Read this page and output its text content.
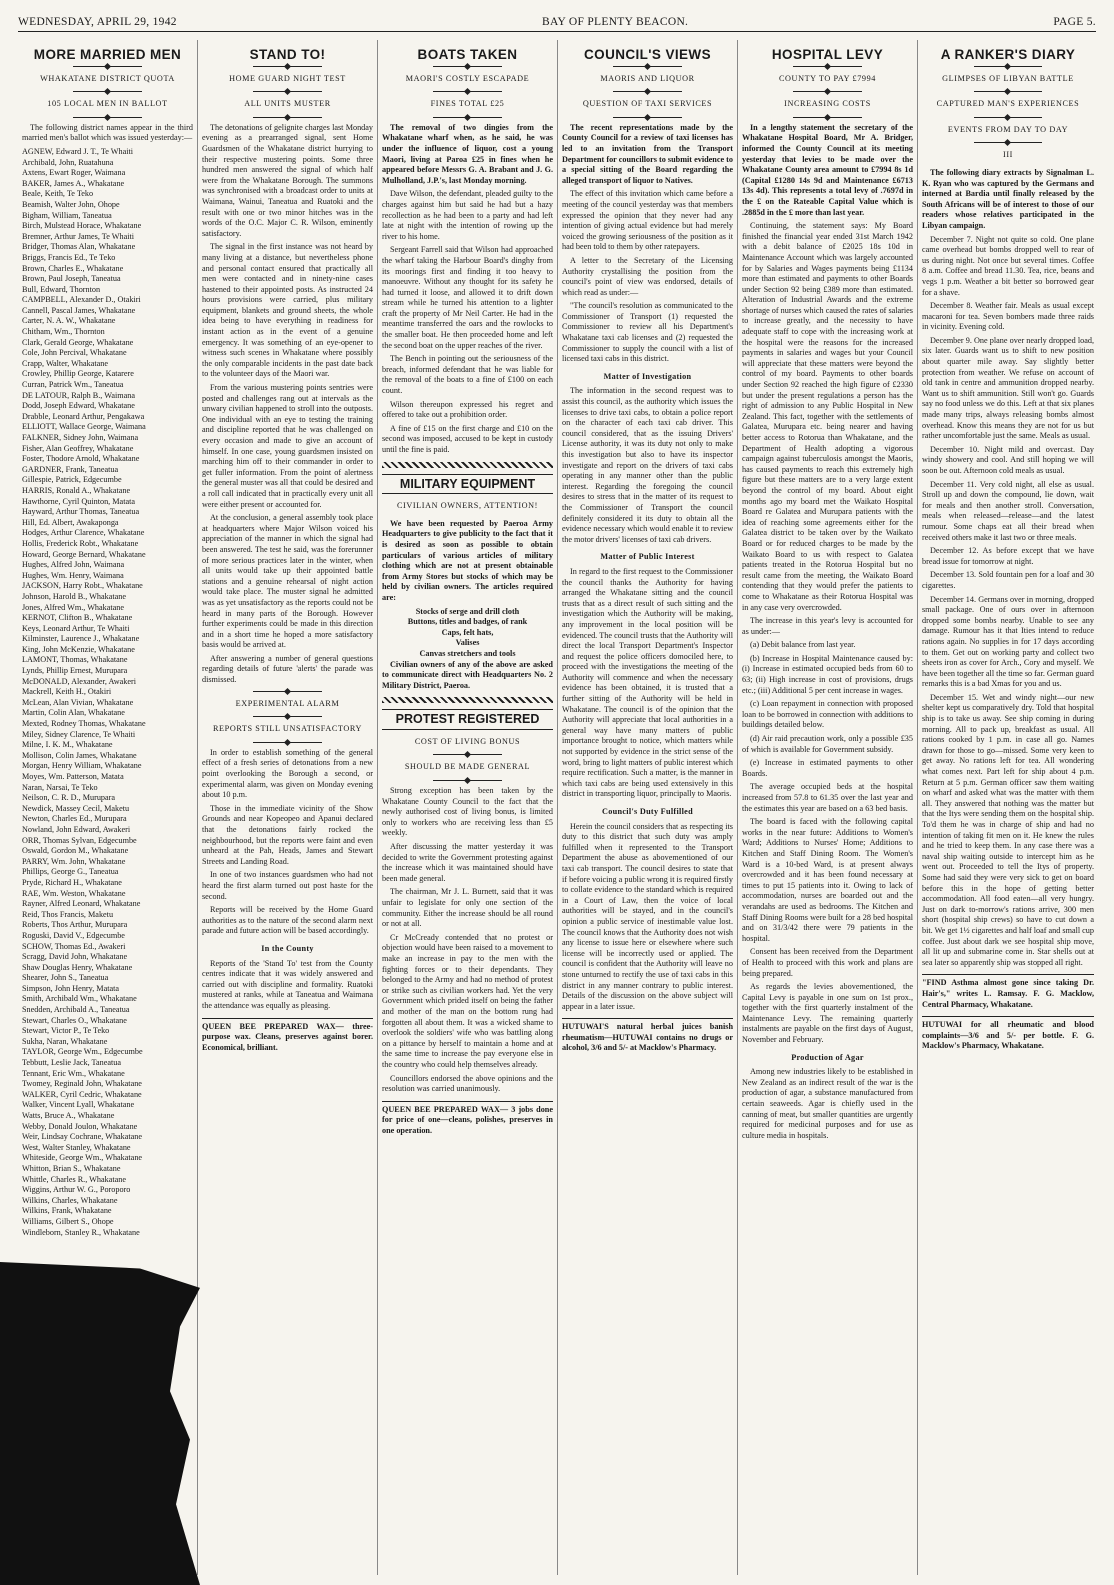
WEDNESDAY, APRIL 29, 1942	BAY OF PLENTY BEACON.	PAGE 5.
MORE MARRIED MEN
WHAKATANE DISTRICT QUOTA
105 LOCAL MEN IN BALLOT

The following district names appear in the third married men's ballot which was issued yesterday:—

AGNEW, Edward J. T., Te Whaiti

Archibald, John, Ruatahuna

Axtens, Ewart Roger, Waimana

BAKER, James A., Whakatane

Beale, Keith, Te Teko

Beamish, Walter John, Ohope

Bigham, William, Taneatua

Birch, Mulstead Horace, Whakatane

Bremner, Arthur James, Te Whaiti

Bridger, Thomas Alan, Whakatane

Briggs, Francis Ed., Te Teko

Brown, Charles E., Whakatane

Brown, Paul Joseph, Taneatua

Bull, Edward, Thornton

CAMPBELL, Alexander D., Otakiri

Cannell, Pascal James, Whakatane

Carter, N. A. W., Whakatane

Chitham, Wm., Thornton

Clark, Gerald George, Whakatane

Cole, John Percival, Whakatane

Crapp, Walter, Whakatane

Crowley, Phillip George, Katarere

Curran, Patrick Wm., Taneatua

DE LATOUR, Ralph B., Waimana

Dodd, Joseph Edward, Whakatane

Drabble, Leonard Arthur, Pengakawa

ELLIOTT, Wallace George, Waimana

FALKNER, Sidney John, Waimana

Fisher, Alan Geoffrey, Whakatane

Foster, Thodore Arnold, Whakatane

GARDNER, Frank, Taneatua

Gillespie, Patrick, Edgecumbe

HARRIS, Ronald A., Whakatane

Hawthorne, Cyril Quinton, Matata

Hayward, Arthur Thomas, Taneatua

Hill, Ed. Albert, Awakaponga

Hodges, Arthur Clarence, Whakatane

Hollis, Frederick Robt., Whakatane

Howard, George Bernard, Whakatane

Hughes, Alfred John, Waimana

Hughes, Wm. Henry, Waimana

JACKSON, Harry Robt., Whakatane

Johnson, Harold B., Whakatane

Jones, Alfred Wm., Whakatane

KERNOT, Clifton B., Whakatane

Keys, Leonard Arthur, Te Whaiti

Kilminster, Laurence J., Whakatane

King, John McKenzie, Whakatane

LAMONT, Thomas, Whakatane

Lynds, Phillip Ernest, Murupara

McDONALD, Alexander, Awakeri

Mackrell, Keith H., Otakiri

McLean, Alan Vivian, Whakatane

Martin, Colin Alan, Whakatane

Mexted, Rodney Thomas, Whakatane

Miley, Sidney Clarence, Te Whaiti

Milne, I. K. M., Whakatane

Mollison, Colin James, Whakatane

Morgan, Henry William, Whakatane

Moyes, Wm. Patterson, Matata

Naran, Narsai, Te Teko

Neilson, C. R. D., Murupara

Newdick, Massey Cecil, Maketu

Newton, Charles Ed., Murupara

Nowland, John Edward, Awakeri

ORR, Thomas Sylvan, Edgecumbe

Oswald, Gordon M., Whakatane

PARRY, Wm. John, Whakatane

Phillips, George G., Taneatua

Pryde, Richard H., Whakatane

RAE, Wm. Weston, Whakatane

Rayner, Alfred Leonard, Whakatane

Reid, Thos Francis, Maketu

Roberts, Thos Arthur, Murupara

Roguski, David V., Edgecumbe

SCHOW, Thomas Ed., Awakeri

Scragg, David John, Whakatane

Shaw Douglas Henry, Whakatane

Shearer, John S., Taneatua

Simpson, John Henry, Matata

Smith, Archibald Wm., Whakatane

Snedden, Archibald A., Taneatua

Stewart, Charles O., Whakatane

Stewart, Victor P., Te Teko

Sukha, Naran, Whakatane

TAYLOR, George Wm., Edgecumbe

Tebbutt, Leslie Jack, Taneatua

Tennant, Eric Wm., Whakatane

Twomey, Reginald John, Whakatane

WALKER, Cyril Cedric, Whakatane

Walker, Vincent Lyall, Whakatane

Watts, Bruce A., Whakatane

Webby, Donald Joulon, Whakatane

Weir, Lindsay Cochrane, Whakatane

West, Walter Stanley, Whakatane

Whiteside, George Wm., Whakatane

Whitton, Brian S., Whakatane

Whittle, Charles R., Whakatane

Wiggins, Arthur W. G., Poroporo

Wilkins, Charles, Whakatane

Wilkins, Frank, Whakatane

Williams, Gilbert S., Ohope

Windleborn, Stanley R., Whakatane

STAND TO!
HOME GUARD NIGHT TEST
ALL UNITS MUSTER

The detonations of gelignite charges last Monday evening as a prearranged signal, sent Home Guardsmen of the Whakatane district hurrying to their respective mustering points. Some three hundred men answered the signal of which half were from the Whakatane Borough. The summons was synchronised with a broadcast order to units at Waimana, Wainui, Taneatua and Ruatoki and the result with one or two minor hitches was in the words of the O.C. Major C. R. Wilson, eminently satisfactory.

The signal in the first instance was not heard by many living at a distance, but nevertheless phone and personal contact ensured that practically all men were contacted and in ninety-nine cases hastened to their appointed posts. As instructed 24 hours provisions were carried, plus military equipment, blankets and ground sheets, the whole idea being to have everything in readiness for instant action as in the event of a genuine emergency. It was something of an eye-opener to witness such scenes in Whakatane where possibly the only comparable incidents in the past date back to the volunteer days of the Maori war.

From the various mustering points sentries were posted and challenges rang out at intervals as the unwary civilian happened to stroll into the outposts. One individual with an eye to testing the training and discipline reported that he was challenged on every occasion and made to give an account of himself. In one case, young guardsmen insisted on marching him off to their commander in order to get fuller information. From the point of alertness the general muster was all that could be desired and a roll call indicated that in practically every unit all were either present or accounted for.

At the conclusion, a general assembly took place at headquarters where Major Wilson voiced his appreciation of the manner in which the signal had been answered. The test he said, was the forerunner of more serious practices later in the winter, when all units would take up their appointed battle stations and a genuine rehearsal of night action would take place. The muster signal he admitted was as yet unsatisfactory as the reports could not be heard in many parts of the Borough. However further experiments could be made in this direction and in a short time he hoped a more satisfactory basis would be arrived at.

After answering a number of general questions regarding details of future 'alerts' the parade was dismissed.

EXPERIMENTAL ALARM
REPORTS STILL UNSATISFACTORY

In order to establish something of the general effect of a fresh series of detonations from a new point overlooking the Borough a second, or experimental alarm, was given on Monday evening about 10 p.m.

Those in the immediate vicinity of the Show Grounds and near Kopeopeo and Apanui declared that the detonations fairly rocked the neighbourhood, but the reports were faint and even unheard at the Pah, Heads, James and Stewart Streets and Landing Road.

In one of two instances guardsmen who had not heard the first alarm turned out post haste for the second.

Reports will be received by the Home Guard authorities as to the nature of the second alarm next parade and future action will be based accordingly.

In the County

Reports of the 'Stand To' test from the County centres indicate that it was widely answered and carried out with discipline and formality. Ruatoki mustered at ranks, while at Taneatua and Waimana the attendance was equally as pleasing.

QUEEN BEE PREPARED WAX— three-purpose wax. Cleans, preserves against borer. Economical, brilliant.

BOATS TAKEN
MAORI'S COSTLY ESCAPADE
FINES TOTAL £25

The removal of two dingies from the Whakatane wharf when, as he said, he was under the influence of liquor, cost a young Maori, living at Paroa £25 in fines when he appeared before Messrs G. A. Brabant and J. G. Mulholland, J.P.'s, last Monday morning.

Dave Wilson, the defendant, pleaded guilty to the charges against him but said he had but a hazy recollection as he had been to a party and had left late at night with the intention of rowing up the river to his home.

Sergeant Farrell said that Wilson had approached the wharf taking the Harbour Board's dinghy from its moorings first and finding it too heavy to manoeuvre. Without any thought for its safety he had turned it loose, and allowed it to drift down stream while he turned his attention to a lighter craft the property of Mr Neil Carter. He had in the meantime transferred the oars and the rowlocks to the smaller boat. He then proceeded home and left the second boat on the upper reaches of the river.

The Bench in pointing out the seriousness of the breach, informed defendant that he was liable for the removal of the boats to a fine of £100 on each count.

Wilson thereupon expressed his regret and offered to take out a prohibition order.

A fine of £15 on the first charge and £10 on the second was imposed, accused to be kept in custody until the fine is paid.

MILITARY EQUIPMENT
CIVILIAN OWNERS, ATTENTION!

We have been requested by Paeroa Army Headquarters to give publicity to the fact that it is desired as soon as possible to obtain particulars of various articles of military clothing which are not at present obtainable from Army Stores but stocks of which may be held by civilian owners. The articles required are:

Stocks of serge and drill cloth

Buttons, titles and badges, of rank

Caps, felt hats,

Valises

Canvas stretchers and tools

Civilian owners of any of the above are asked to communicate direct with Headquarters No. 2 Military District, Paeroa.

PROTEST REGISTERED
COST OF LIVING BONUS
SHOULD BE MADE GENERAL

Strong exception has been taken by the Whakatane County Council to the fact that the newly authorised cost of living bonus, is limited only to workers who are receiving less than £5 weekly.

After discussing the matter yesterday it was decided to write the Government protesting against the increase which it was maintained should have been made general.

The chairman, Mr J. L. Burnett, said that it was unfair to legislate for only one section of the community. Either the increase should be all round or not at all.

Cr McCready contended that no protest or objection would have been raised to a movement to make an increase in pay to the men with the fighting forces or to their dependants. They belonged to the Army and had no method of protest or strike such as civilian workers had. Yet the very Government which prided itself on being the father and mother of the man on the bottom rung had forgotten all about them. It was a wicked shame to overlook the soldiers' wife who was battling along on a pittance by herself to maintain a home and at the same time to increase the pay everyone else in the country who could help themselves already.

Councillors endorsed the above opinions and the resolution was carried unanimously.

QUEEN BEE PREPARED WAX— 3 jobs done for price of one—cleans, polishes, preserves in one operation.

COUNCIL'S VIEWS
MAORIS AND LIQUOR
QUESTION OF TAXI SERVICES

The recent representations made by the County Council for a review of taxi licenses has led to an invitation from the Transport Department for councillors to submit evidence to a special sitting of the Board regarding the alleged transport of liquor to Natives.

The effect of this invitation which came before a meeting of the council yesterday was that members expressed the opinion that they never had any intention of giving actual evidence but had merely voiced the growing seriousness of the position as it had been told to them by other ratepayers.

A letter to the Secretary of the Licensing Authority crystallising the position from the council's point of view was endorsed, details of which read as under:—

"The council's resolution as communicated to the Commissioner of Transport (1) requested the Commissioner to review all his Department's Whakatane taxi cab licenses and (2) requested the Commissioner to supply the council with a list of licensed taxi cabs in this district.

Matter of Investigation

The information in the second request was to assist this council, as the authority which issues the licenses to drive taxi cabs, to obtain a police report on the character of each taxi cab driver. This council considered, that as the issuing Drivers' License authority, it was its duty not only to make this investigation but also to have its inspector investigate and report on the drivers of taxi cabs operating in any manner other than the public interest. Regarding the foregoing the council desires to stress that in the matter of its request to the Commissioner of Transport the council definitely considered it its duty to obtain all the evidence necessary which would enable it to review the motor drivers' licenses of taxi cab drivers.

Matter of Public Interest

In regard to the first request to the Commissioner the council thanks the Authority for having arranged the Whakatane sitting and the council trusts that as a direct result of such sitting and the investigation which the Authority will be making, any improvement in the local position will be evidenced. The council trusts that the Authority will direct the local Transport Department's Inspector and request the police officers domociled here, to proceed with the investigations the meeting of the Authority will commence and when the necessary evidence has been obtained, it is trusted that a further sitting of the Authority will be held in Whakatane. The council is of the opinion that the Authority will appreciate that local authorities in a general way have many matters of public importance brought to notice, which matters while not supported by evidence in the strict sense of the word, bring to light matters of public interest which require rectification. Such a matter, is the manner in which taxi cabs are being used extensively in this district in transporting liquor, principally to Maoris.

Council's Duty Fulfilled

Herein the council considers that as respecting its duty to this district that such duty was amply fulfilled when it represented to the Transport Department the abuse as abovementioned of our taxi cab transport. The council desires to state that if before voicing a public wrong it is required firstly to collate evidence to the standard which is required in a Court of Law, then the voice of local authorities will be stayed, and in the council's opinion a public service of inestimable value lost. The council knows that the Authority does not wish any license to issue here or elsewhere where such license will be incorrectly used or applied. The council is confident that the Authority will leave no stone unturned to rectify the use of taxi cabs in this district in any manner contrary to public interest. Details of the discussion on the above subject will appear in a later issue.

HUTUWAI'S natural herbal juices banish rheumatism—HUTUWAI contains no drugs or alcohol, 3/6 and 5/- at Macklow's Pharmacy.

HOSPITAL LEVY
COUNTY TO PAY £7994
INCREASING COSTS

In a lengthy statement the secretary of the Whakatane Hospital Board, Mr A. Bridger, informed the County Council at its meeting yesterday that levies to be made over the Whakatane County area amount to £7994 8s 1d (Capital £1280 14s 9d and Maintenance £6713 13s 4d). This represents a total levy of .7697d in the £ on the Rateable Capital Value which is .2885d in the £ more than last year.

Continuing, the statement says: My Board finished the financial year ended 31st March 1942 with a debit balance of £2025 18s 10d in Maintenance Account which was largely accounted for by Salaries and Wages payments being £1134 more than estimated and payments to other Boards under Section 92 being £389 more than estimated. Alteration of Industrial Awards and the extreme shortage of nurses which caused the rates of salaries to increase greatly, and the necessity to have adequate staff to cope with the increasing work at the hospital were the reasons for the increased payments in salaries and wages but your Council will appreciate that these matters were beyond the control of my board. Payments to other boards under Section 92 reached the high figure of £2330 but under the present regulations a person has the right of admission to any Public Hospital in New Zealand. This fact, together with the settlements of Galatea, Murupara etc. being nearer and having better access to Rotorua than Whakatane, and the Department of Health adopting a vigorous campaign against tuberculosis amongst the Maoris, has caused payments to reach this extremely high figure but these matters are to a very large extent beyond the control of my board. About eight months ago my board met the Waikato Hospital Board re Galatea and Murupara patients with the idea of reaching some agreements either for the Galatea district to be taken over by the Waikato Board or for reduced charges to be made by the Waikato Board to us with respect to Galatea patients treated in the Rotorua Hospital but no result came from the meeting, the Waikato Board contending that they would prefer the patients to come to Whakatane as their Rotorua Hospital was in any case very overcrowded.

The increase in this year's levy is accounted for as under:—

(a) Debit balance from last year.

(b) Increase in Hospital Maintenance caused by: (i) Increase in estimated occupied beds from 60 to 63; (ii) High increase in cost of provisions, drugs etc.; (iii) Additional 5 per cent increase in wages.

(c) Loan repayment in connection with proposed loan to be borrowed in connection with additions to buildings detailed below.

(d) Air raid precaution work, only a possible £35 of which is available for Government subsidy.

(e) Increase in estimated payments to other Boards.

The average occupied beds at the hospital increased from 57.8 to 61.35 over the last year and the estimates this year are based on a 63 bed basis.

The board is faced with the following capital works in the near future: Additions to Women's Ward; Additions to Nurses' Home; Additions to Kitchen and Staff Dining Room. The Women's Ward is a 10-bed Ward, is at present always overcrowded and it has been found necessary at times to put 15 patients into it. Owing to lack of accommodation, nurses are boarded out and the verandahs are used as bedrooms. The Kitchen and Staff Dining Rooms were built for a 28 bed hospital and on 31/3/42 there were 79 patients in the hospital.

Consent has been received from the Department of Health to proceed with this work and plans are being prepared.

As regards the levies abovementioned, the Capital Levy is payable in one sum on 1st prox., together with the first quarterly instalment of the Maintenance Levy. The remaining quarterly instalments are payable on the first days of August, November and February.

Production of Agar

Among new industries likely to be established in New Zealand as an indirect result of the war is the production of agar, a substance manufactured from certain seaweeds. Agar is chiefly used in the canning of meat, but smaller quantities are urgently required for medicinal purposes and for use as culture media in hospitals.

A RANKER'S DIARY
GLIMPSES OF LIBYAN BATTLE
CAPTURED MAN'S EXPERIENCES
EVENTS FROM DAY TO DAY
III

The following diary extracts by Signalman L. K. Ryan who was captured by the Germans and interned at Bardia until finally released by the South Africans will be of interest to those of our readers whose relatives participated in the Libyan campaign.

December 7. Night not quite so cold. One plane came overhead but bombs dropped well to rear of us during night. Not once but several times. Coffee 8 a.m. Coffee and bread 11.30. Tea, rice, beans and vegs 1 p.m. Weather a bit better so borrowed gear for a shave.

December 8. Weather fair. Meals as usual except macaroni for tea. Seven bombers made three raids in vicinity. Evening cold.

December 9. One plane over nearly dropped load, six later. Guards want us to shift to new position about quarter mile away. Say slightly better protection from weather. We refuse on account of old tank in centre and ammunition dropped nearby. Want us to shift ammunition. Still won't go. Guards say no food unless we do this. Left at that six planes made many trips, always releasing bombs almost overhead. Know this means they are not for us but rather uncomfortable just the same. Meals as usual.

December 10. Night mild and overcast. Day windy showery and cool. And still hoping we will soon be out. Afternoon cold meals as usual.

December 11. Very cold night, all else as usual. Stroll up and down the compound, lie down, wait for meals and then another stroll. Conversation, meals when released—release—and the latest rumour. Some chaps eat all their bread when received others make it last two or three meals.

December 12. As before except that we have bread issue for tomorrow at night.

December 13. Sold fountain pen for a loaf and 30 cigarettes.

December 14. Germans over in morning, dropped small package. One of ours over in afternoon dropped some bombs nearby. Unable to see any damage. Rumour has it that Ities intend to reduce rations again. No supplies in for 17 days according to them. Get out on working party and collect two sheets iron as cover for Arch., Cory and myself. We have been together all the time so far. German guard remarks this is a bad Xmas for you and us.

December 15. Wet and windy night—our new shelter kept us comparatively dry. Told that hospital ship is to take us away. See ship coming in during morning. All to pack up, breakfast as usual. All rations cooked by 1 p.m. in case all go. Names drawn for those to go—missed. Some very keen to get away. No rations left for tea. All wondering what comes next. Part left for ship about 4 p.m. Return at 5 p.m. German officer saw them waiting on wharf and asked what was the matter with them all. They answered that nothing was the matter but that the Itys were sending them on the hospital ship. To'd them he was in charge of ship and had no intention of taking fit men on it. He knew the rules and he tried to keep them. In any case there was a naval ship waiting outside to intercept him as he went out. Proceeded to tell the Itys of property. Some had said they were very sick to get on board before this in the hope of getting better accommodation. All food eaten—all very hungry. Just on dark to-morrow's rations arrive, 300 men short (hospital ship crews) so have to cut down a bit. We get 1½ cigarettes and half loaf and small cup coffee. Just about dark we see hospital ship move, all lit up and submarine come in. Star shells out at sea later so apparently ship was stopped all right.

"FIND Asthma almost gone since taking Dr. Hair's," writes L. Ramsay. F. G. Macklow, Central Pharmacy, Whakatane.

HUTUWAI for all rheumatic and blood complaints—3/6 and 5/- per bottle. F. G. Macklow's Pharmacy, Whakatane.
